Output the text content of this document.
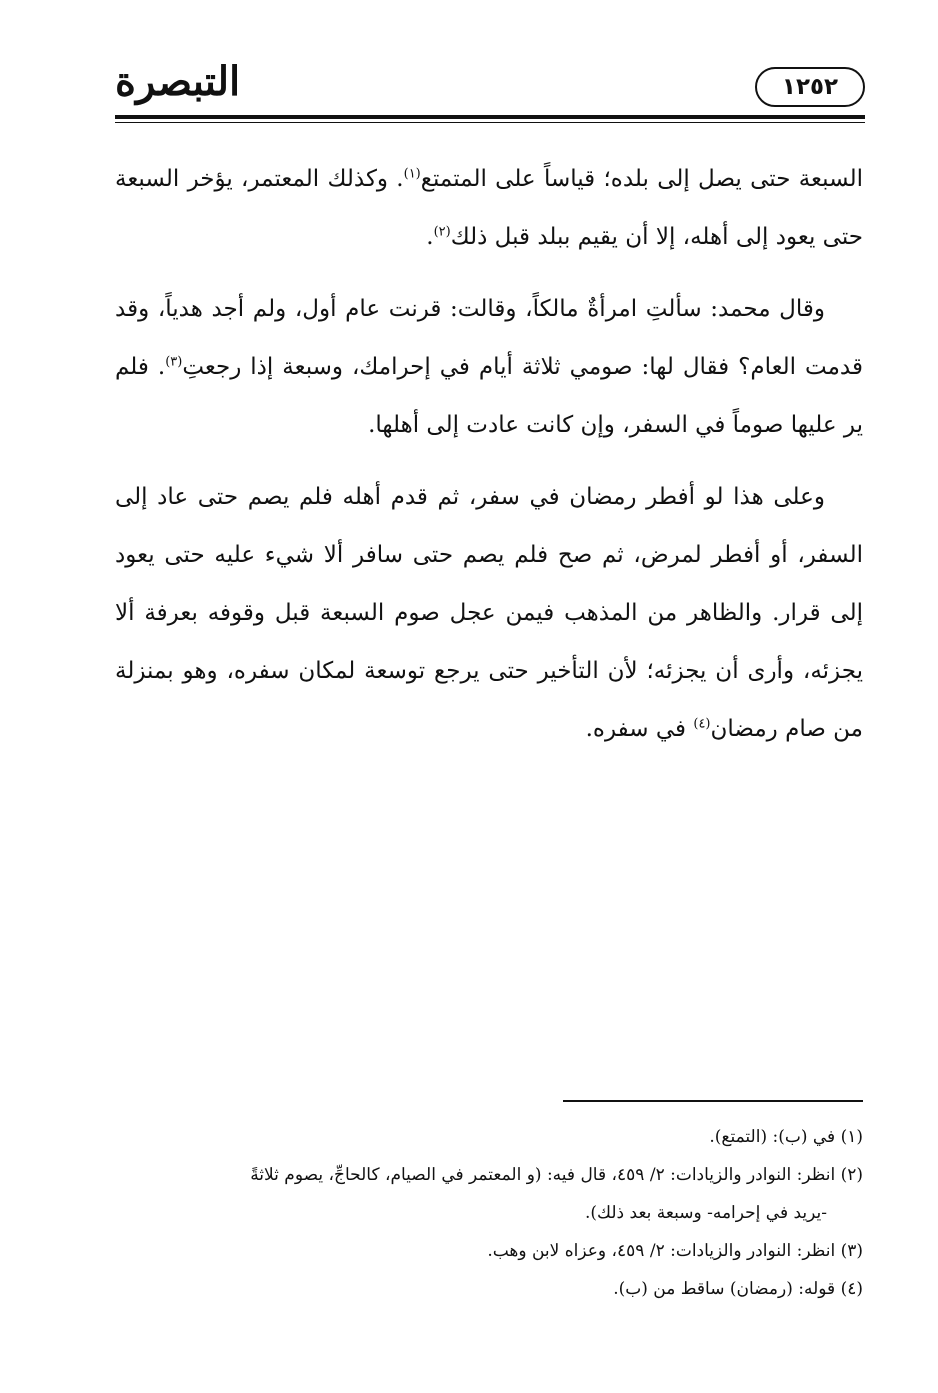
التبصرة	١٢٥٢

السبعة حتى يصل إلى بلده؛ قياساً على المتمتع$^{(١)}$. وكذلك المعتمر، يؤخر السبعة حتى يعود إلى أهله، إلا أن يقيم ببلد قبل ذلك$^{(٢)}$.

وقال محمد: سألتِ امرأةٌ مالكاً، وقالت: قرنت عام أول، ولم أجد هدياً، وقد قدمت العام؟ فقال لها: صومي ثلاثة أيام في إحرامك، وسبعة إذا رجعتِ$^{(٣)}$. فلم ير عليها صوماً في السفر، وإن كانت عادت إلى أهلها.

وعلى هذا لو أفطر رمضان في سفر، ثم قدم أهله فلم يصم حتى عاد إلى السفر، أو أفطر لمرض، ثم صح فلم يصم حتى سافر ألا شيء عليه حتى يعود إلى قرار. والظاهر من المذهب فيمن عجل صوم السبعة قبل وقوفه بعرفة ألا يجزئه، وأرى أن يجزئه؛ لأن التأخير حتى يرجع توسعة لمكان سفره، وهو بمنزلة من صام رمضان$^{(٤)}$ في سفره.

(١) في (ب): (التمتع).

(٢) انظر: النوادر والزيادات: ٢/ ٤٥٩، قال فيه: (و المعتمر في الصيام، كالحاجِّ، يصوم ثلاثةً
-يريد في إحرامه- وسبعة بعد ذلك).

(٣) انظر: النوادر والزيادات: ٢/ ٤٥٩، وعزاه لابن وهب.

(٤) قوله: (رمضان) ساقط من (ب).
